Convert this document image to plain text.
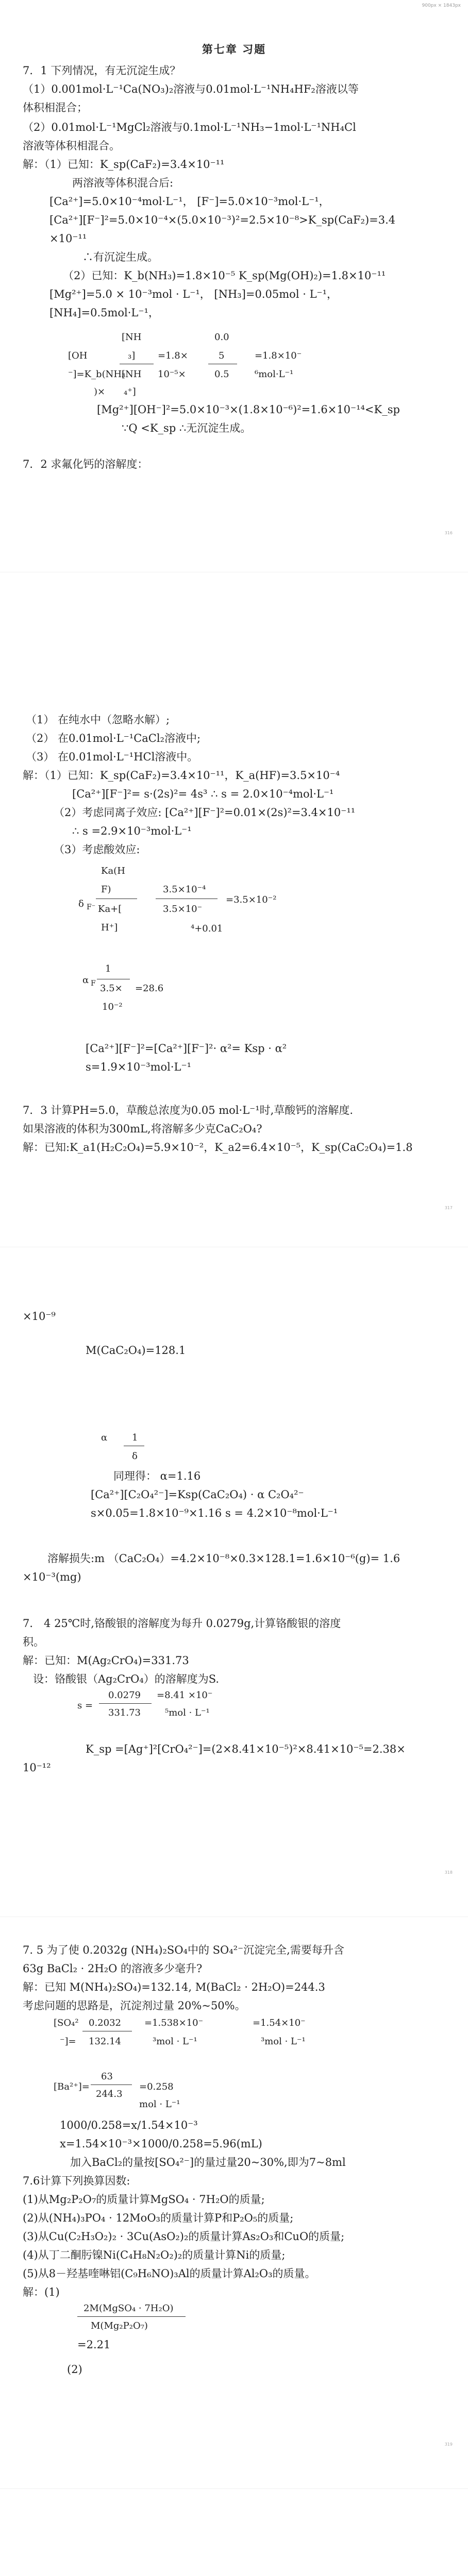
900px × 1843px
第七章 习题
7．1 下列情况，有无沉淀生成？
（1）0.001mol·L⁻¹Ca(NO₃)₂溶液与0.01mol·L⁻¹NH₄HF₂溶液以等
体积相混合；
（2）0.01mol·L⁻¹MgCl₂溶液与0.1mol·L⁻¹NH₃−1mol·L⁻¹NH₄Cl
溶液等体积相混合。
解：（1）已知：K_sp(CaF₂)=3.4×10⁻¹¹
两溶液等体积混合后:
[Ca²⁺]=5.0×10⁻⁴mol·L⁻¹， [F⁻]=5.0×10⁻³mol·L⁻¹，
[Ca²⁺][F⁻]²=5.0×10⁻⁴×(5.0×10⁻³)²=2.5×10⁻⁸>K_sp(CaF₂)=3.4
×10⁻¹¹
∴有沉淀生成。
（2）已知：K_b(NH₃)=1.8×10⁻⁵ K_sp(Mg(OH)₂)=1.8×10⁻¹¹
[Mg²⁺]=5.0 × 10⁻³mol · L⁻¹， [NH₃]=0.05mol · L⁻¹，
[NH₄]=0.5mol·L⁻¹，
[NH	0.0
[OH	₃] =1.8×	5	=1.8×10⁻
⁻]=K_b(NH₃
[NH 10⁻⁵×	0.5	⁶mol·L⁻¹
)× ₄⁺]
[Mg²⁺][OH⁻]²=5.0×10⁻³×(1.8×10⁻⁶)²=1.6×10⁻¹⁴<K_sp
∵Q <K_sp ∴无沉淀生成。
7．2 求氟化钙的溶解度：
316
（1） 在纯水中（忽略水解）;
（2） 在0.01mol·L⁻¹CaCl₂溶液中;
（3） 在0.01mol·L⁻¹HCl溶液中。
解：（1）已知：K_sp(CaF₂)=3.4×10⁻¹¹，K_a(HF)=3.5×10⁻⁴
[Ca²⁺][F⁻]²= s·(2s)²= 4s³ ∴ s = 2.0×10⁻⁴mol·L⁻¹
（2）考虑同离子效应: [Ca²⁺][F⁻]²=0.01×(2s)²=3.4×10⁻¹¹
∴ s =2.9×10⁻³mol·L⁻¹
（3）考虑酸效应:
Ka(H
F)	3.5×10⁻⁴
δ F⁻ Ka+[	3.5×10⁻
=3.5×10⁻²
H⁺]	⁴+0.01
1
α F 3.5× =28.6
10⁻²
[Ca²⁺][F⁻]²=[Ca²⁺][F⁻]²· α²= Ksp · α²
s=1.9×10⁻³mol·L⁻¹
7．3 计算PH=5.0，草酸总浓度为0.05 mol·L⁻¹时,草酸钙的溶解度.
如果溶液的体积为300mL,将溶解多少克CaC₂O₄?
解：已知:K_a1(H₂C₂O₄)=5.9×10⁻²，K_a2=6.4×10⁻⁵，K_sp(CaC₂O₄)=1.8
317
×10⁻⁹
M(CaC₂O₄)=128.1
α	1
δ
同理得： α=1.16
[Ca²⁺][C₂O₄²⁻]=Ksp(CaC₂O₄) · α C₂O₄²⁻
s×0.05=1.8×10⁻⁹×1.16 s = 4.2×10⁻⁸mol·L⁻¹
溶解损失:m （CaC₂O₄）=4.2×10⁻⁸×0.3×128.1=1.6×10⁻⁶(g)= 1.6
×10⁻³(mg)
7． 4 25℃时,铬酸银的溶解度为每升 0.0279g,计算铬酸银的溶度
积。
解：已知：M(Ag₂CrO₄)=331.73
设：铬酸银（Ag₂CrO₄）的溶解度为S.
0.0279 =8.41 ×10⁻
s =
331.73	⁵mol · L⁻¹
K_sp =[Ag⁺]²[CrO₄²⁻]=(2×8.41×10⁻⁵)²×8.41×10⁻⁵=2.38×
10⁻¹²
318
7. 5 为了使 0.2032g (NH₄)₂SO₄中的 SO₄²⁻沉淀完全,需要每升含
63g BaCl₂ · 2H₂O 的溶液多少毫升?
解：已知 M(NH₄)₂SO₄)=132.14, M(BaCl₂ · 2H₂O)=244.3
考虑问题的思路是，沉淀剂过量 20%~50%。
[SO₄² 0.2032	=1.538×10⁻	=1.54×10⁻
⁻]= 132.14	³mol · L⁻¹	³mol · L⁻¹
63
[Ba²⁺]=	=0.258
244.3
mol · L⁻¹
1000/0.258=x/1.54×10⁻³
x=1.54×10⁻³×1000/0.258=5.96(mL)
加入BaCl₂的量按[SO₄²⁻]的量过量20~30%,即为7~8ml
7.6计算下列换算因数:
(1)从Mg₂P₂O₇的质量计算MgSO₄ · 7H₂O的质量;
(2)从(NH₄)₃PO₄ · 12MoO₃的质量计算P和P₂O₅的质量;
(3)从Cu(C₂H₃O₂)₂ · 3Cu(AsO₂)₂的质量计算As₂O₃和CuO的质量;
(4)从丁二酮肟镍Ni(C₄H₈N₂O₂)₂的质量计算Ni的质量;
(5)从8－羟基喹啉铝(C₉H₆NO)₃Al的质量计算Al₂O₃的质量。
解：(1)
2M(MgSO₄ · 7H₂O)
M(Mg₂P₂O₇)
=2.21
(2)
319
